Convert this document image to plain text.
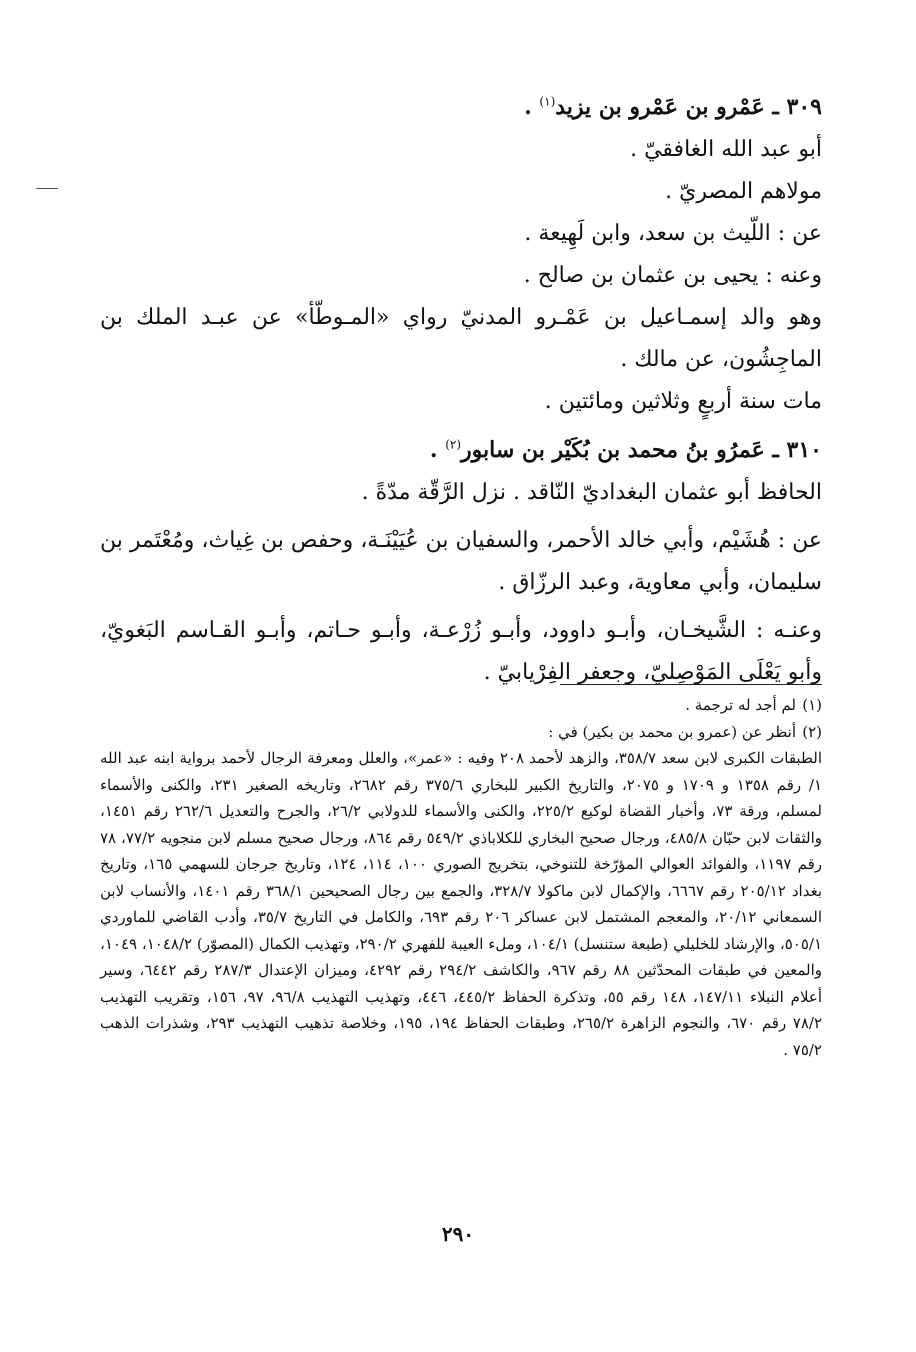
٣٠٩ ـ عَمْرو بن عَمْرو بن يزيد$^{(١)}$ .
أبو عبد الله الغافقيّ .
مولاهم المصريّ .
عن : اللّيث بن سعد، وابن لَهِيعة .
وعنه : يحيى بن عثمان بن صالح .
وهو والد إسمـاعيل بن عَمْـرو المدنيّ رواي «المـوطّأ» عن عبـد الملك بن الماجِشُون، عن مالك .
مات سنة أربعٍ وثلاثين ومائتين .
٣١٠ ـ عَمرُو بنُ محمد بن بُكَيْر بن سابور$^{(٢)}$ .
الحافظ أبو عثمان البغداديّ النّاقد . نزل الرَّقّة مدّةً .
عن : هُشَيْم، وأبي خالد الأحمر، والسفيان بن عُيَيْنَـة، وحفص بن غِياث، ومُعْتَمر بن سليمان، وأبي معاوية، وعبد الرزّاق .
وعنـه : الشَّيخـان، وأبـو داوود، وأبـو زُرْعـة، وأبـو حـاتم، وأبـو القـاسم البَغويّ، وأبو يَعْلَى المَوْصِليّ، وجعفر الفِرْيابيّ .
(١)
لم أجد له ترجمة .
(٢)
أنظر عن (عمرو بن محمد بن بكير) في :
الطبقات الكبرى لابن سعد ٣٥٨/٧، والزهد لأحمد ٢٠٨ وفيه : «عمر»، والعلل ومعرفة الرجال لأحمد برواية ابنه عبد الله ١/ رقم ١٣٥٨ و ١٧٠٩ و ٢٠٧٥، والتاريخ الكبير للبخاري ٣٧٥/٦ رقم ٢٦٨٢، وتاريخه الصغير ٢٣١، والكنى والأسماء لمسلم، ورقة ٧٣، وأخبار القضاة لوكيع ٢٢٥/٢، والكنى والأسماء للدولابي ٢٦/٢، والجرح والتعديل ٢٦٢/٦ رقم ١٤٥١، والثقات لابن حبّان ٤٨٥/٨، ورجال صحيح البخاري للكلاباذي ٥٤٩/٢ رقم ٨٦٤، ورجال صحيح مسلم لابن منجويه ٧٧/٢، ٧٨ رقم ١١٩٧، والفوائد العوالي المؤرّخة للتنوخي، بتخريج الصوري ١٠٠، ١١٤، ١٢٤، وتاريخ جرجان للسهمي ١٦٥، وتاريخ بغداد ٢٠٥/١٢ رقم ٦٦٦٧، والإكمال لابن ماكولا ٣٢٨/٧، والجمع بين رجال الصحيحين ٣٦٨/١ رقم ١٤٠١، والأنساب لابن السمعاني ٢٠/١٢، والمعجم المشتمل لابن عساكر ٢٠٦ رقم ٦٩٣، والكامل في التاريخ ٣٥/٧، وأدب القاضي للماوردي ٥٠٥/١، والإرشاد للخليلي (طبعة ستنسل) ١٠٤/١، وملء العيبة للفهري ٢٩٠/٢، وتهذيب الكمال (المصوّر) ١٠٤٨/٢، ١٠٤٩، والمعين في طبقات المحدّثين ٨٨ رقم ٩٦٧، والكاشف ٢٩٤/٢ رقم ٤٢٩٢، وميزان الإعتدال ٢٨٧/٣ رقم ٦٤٤٢، وسير أعلام النبلاء ١٤٧/١١، ١٤٨ رقم ٥٥، وتذكرة الحفاظ ٤٤٥/٢، ٤٤٦، وتهذيب التهذيب ٩٦/٨، ٩٧، ١٥٦، وتقريب التهذيب ٧٨/٢ رقم ٦٧٠، والنجوم الزاهرة ٢٦٥/٢، وطبقات الحفاظ ١٩٤، ١٩٥، وخلاصة تذهيب التهذيب ٢٩٣، وشذرات الذهب ٧٥/٢ .
٢٩٠
